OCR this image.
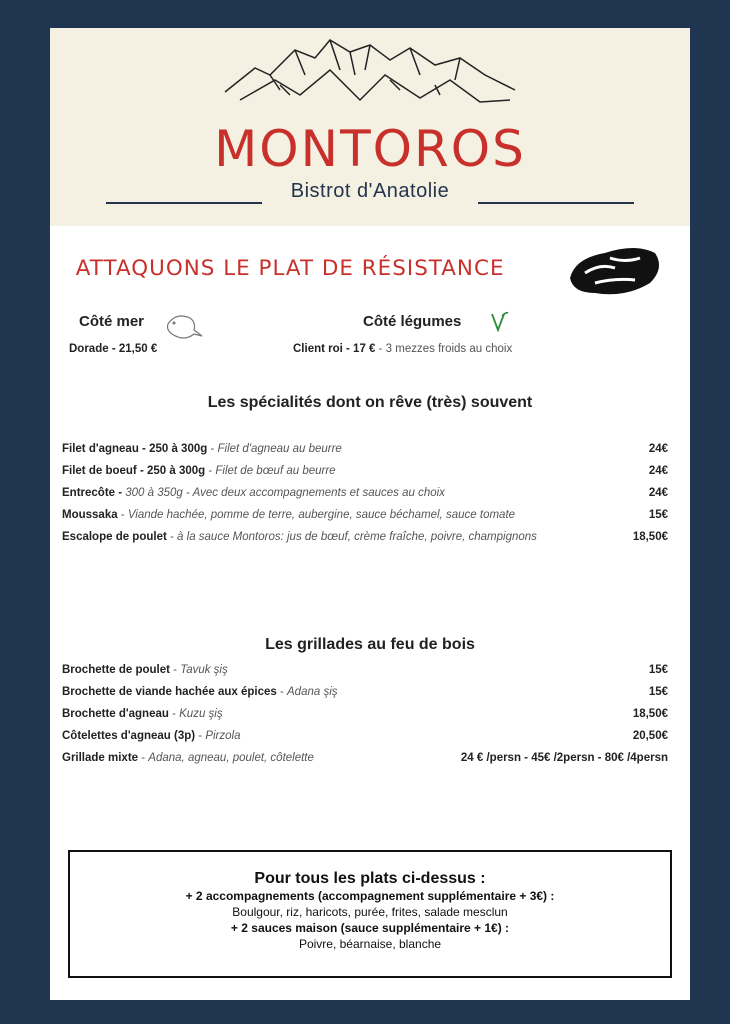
MONTOROS
Bistrot d'Anatolie
ATTAQUONS LE PLAT DE RÉSISTANCE
Côté mer
Dorade - 21,50 €
Côté légumes
Client roi - 17 € - 3 mezzes froids au choix
Les spécialités dont on rêve (très) souvent
Filet d'agneau - 250 à 300g - Filet d'agneau au beurre	24€
Filet de boeuf - 250 à 300g - Filet de bœuf au beurre	24€
Entrecôte - 300 à 350g - Avec deux accompagnements et sauces au choix	24€
Moussaka - Viande hachée, pomme de terre, aubergine, sauce béchamel, sauce tomate	15€
Escalope de poulet - à la sauce Montoros: jus de bœuf, crème fraîche, poivre, champignons	18,50€
Les grillades au feu de bois
Brochette de poulet - Tavuk şiş	15€
Brochette de viande hachée aux épices - Adana şiş	15€
Brochette d'agneau - Kuzu şiş	18,50€
Côtelettes d'agneau (3p) - Pirzola	20,50€
Grillade mixte - Adana, agneau, poulet, côtelette	24 € /persn - 45€ /2persn - 80€ /4persn
Pour tous les plats ci-dessus :
+ 2 accompagnements (accompagnement supplémentaire + 3€) :
Boulgour, riz, haricots, purée, frites, salade mesclun
+ 2 sauces maison (sauce supplémentaire + 1€) :
Poivre, béarnaise, blanche
